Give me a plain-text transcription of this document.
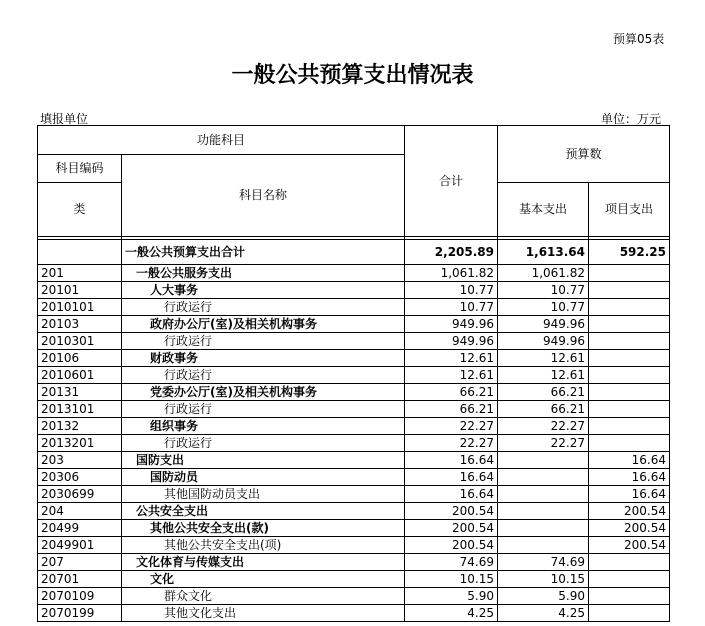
预算05表
一般公共预算支出情况表
填报单位	单位：万元
功能科目		合计	预算数	
科目编码	科目名称			
类			基本支出	项目支出

	一般公共预算支出合计	2,205.89	1,613.64	592.25
201	一般公共服务支出	1,061.82	1,061.82	
20101	人大事务	10.77	10.77	
2010101	行政运行	10.77	10.77	
20103	政府办公厅(室)及相关机构事务	949.96	949.96	
2010301	行政运行	949.96	949.96	
20106	财政事务	12.61	12.61	
2010601	行政运行	12.61	12.61	
20131	党委办公厅(室)及相关机构事务	66.21	66.21	
2013101	行政运行	66.21	66.21	
20132	组织事务	22.27	22.27	
2013201	行政运行	22.27	22.27	
203	国防支出	16.64		16.64
20306	国防动员	16.64		16.64
2030699	其他国防动员支出	16.64		16.64
204	公共安全支出	200.54		200.54
20499	其他公共安全支出(款)	200.54		200.54
2049901	其他公共安全支出(项)	200.54		200.54
207	文化体育与传媒支出	74.69	74.69	
20701	文化	10.15	10.15	
2070109	群众文化	5.90	5.90	
2070199	其他文化支出	4.25	4.25	
